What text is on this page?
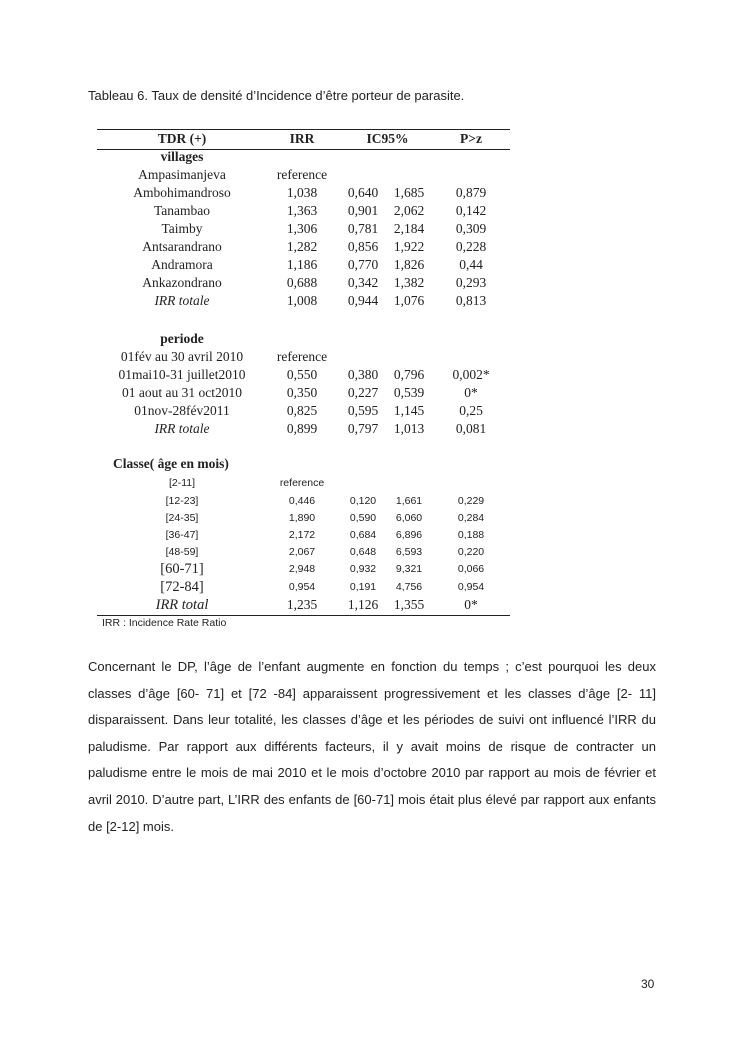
Tableau 6. Taux de densité d’Incidence d’être porteur de parasite.
TDR (+)	IRR	IC95%	P>z
villages
Ampasimanjeva	reference
Ambohimandroso	1,038	0,640 1,685	0,879
Tanambao	1,363	0,901 2,062	0,142
Taimby	1,306	0,781 2,184	0,309
Antsarandrano	1,282	0,856 1,922	0,228
Andramora	1,186	0,770 1,826	0,44
Ankazondrano	0,688	0,342 1,382	0,293
IRR totale	1,008	0,944 1,076	0,813
periode
01fév au 30 avril 2010	reference
01mai10-31 juillet2010	0,550	0,380 0,796	0,002*
01 aout au 31 oct2010	0,350	0,227 0,539	0*
01nov-28fév2011	0,825	0,595 1,145	0,25
IRR totale	0,899	0,797 1,013	0,081
Classe( âge en mois)
[2-11]	reference
[12-23]	0,446	0,120	1,661	0,229
[24-35]	1,890	0,590	6,060	0,284
[36-47]	2,172	0,684	6,896	0,188
[48-59]	2,067	0,648	6,593	0,220
[60-71]	2,948	0,932	9,321	0,066
[72-84]	0,954	0,191	4,756	0,954
IRR total	1,235	1,126 1,355	0*
IRR : Incidence Rate Ratio

Concernant le DP, l’âge de l’enfant augmente en fonction du temps ; c’est pourquoi les deux classes d’âge [60- 71] et [72 -84] apparaissent progressivement et les classes d’âge [2- 11] disparaissent. Dans leur totalité, les classes d’âge et les périodes de suivi ont influencé l’IRR du paludisme. Par rapport aux différents facteurs, il y avait moins de risque de contracter un paludisme entre le mois de mai 2010 et le mois d’octobre 2010 par rapport au mois de février et avril 2010. D’autre part, L’IRR des enfants de [60-71] mois était plus élevé par rapport aux enfants de [2-12] mois.

30
